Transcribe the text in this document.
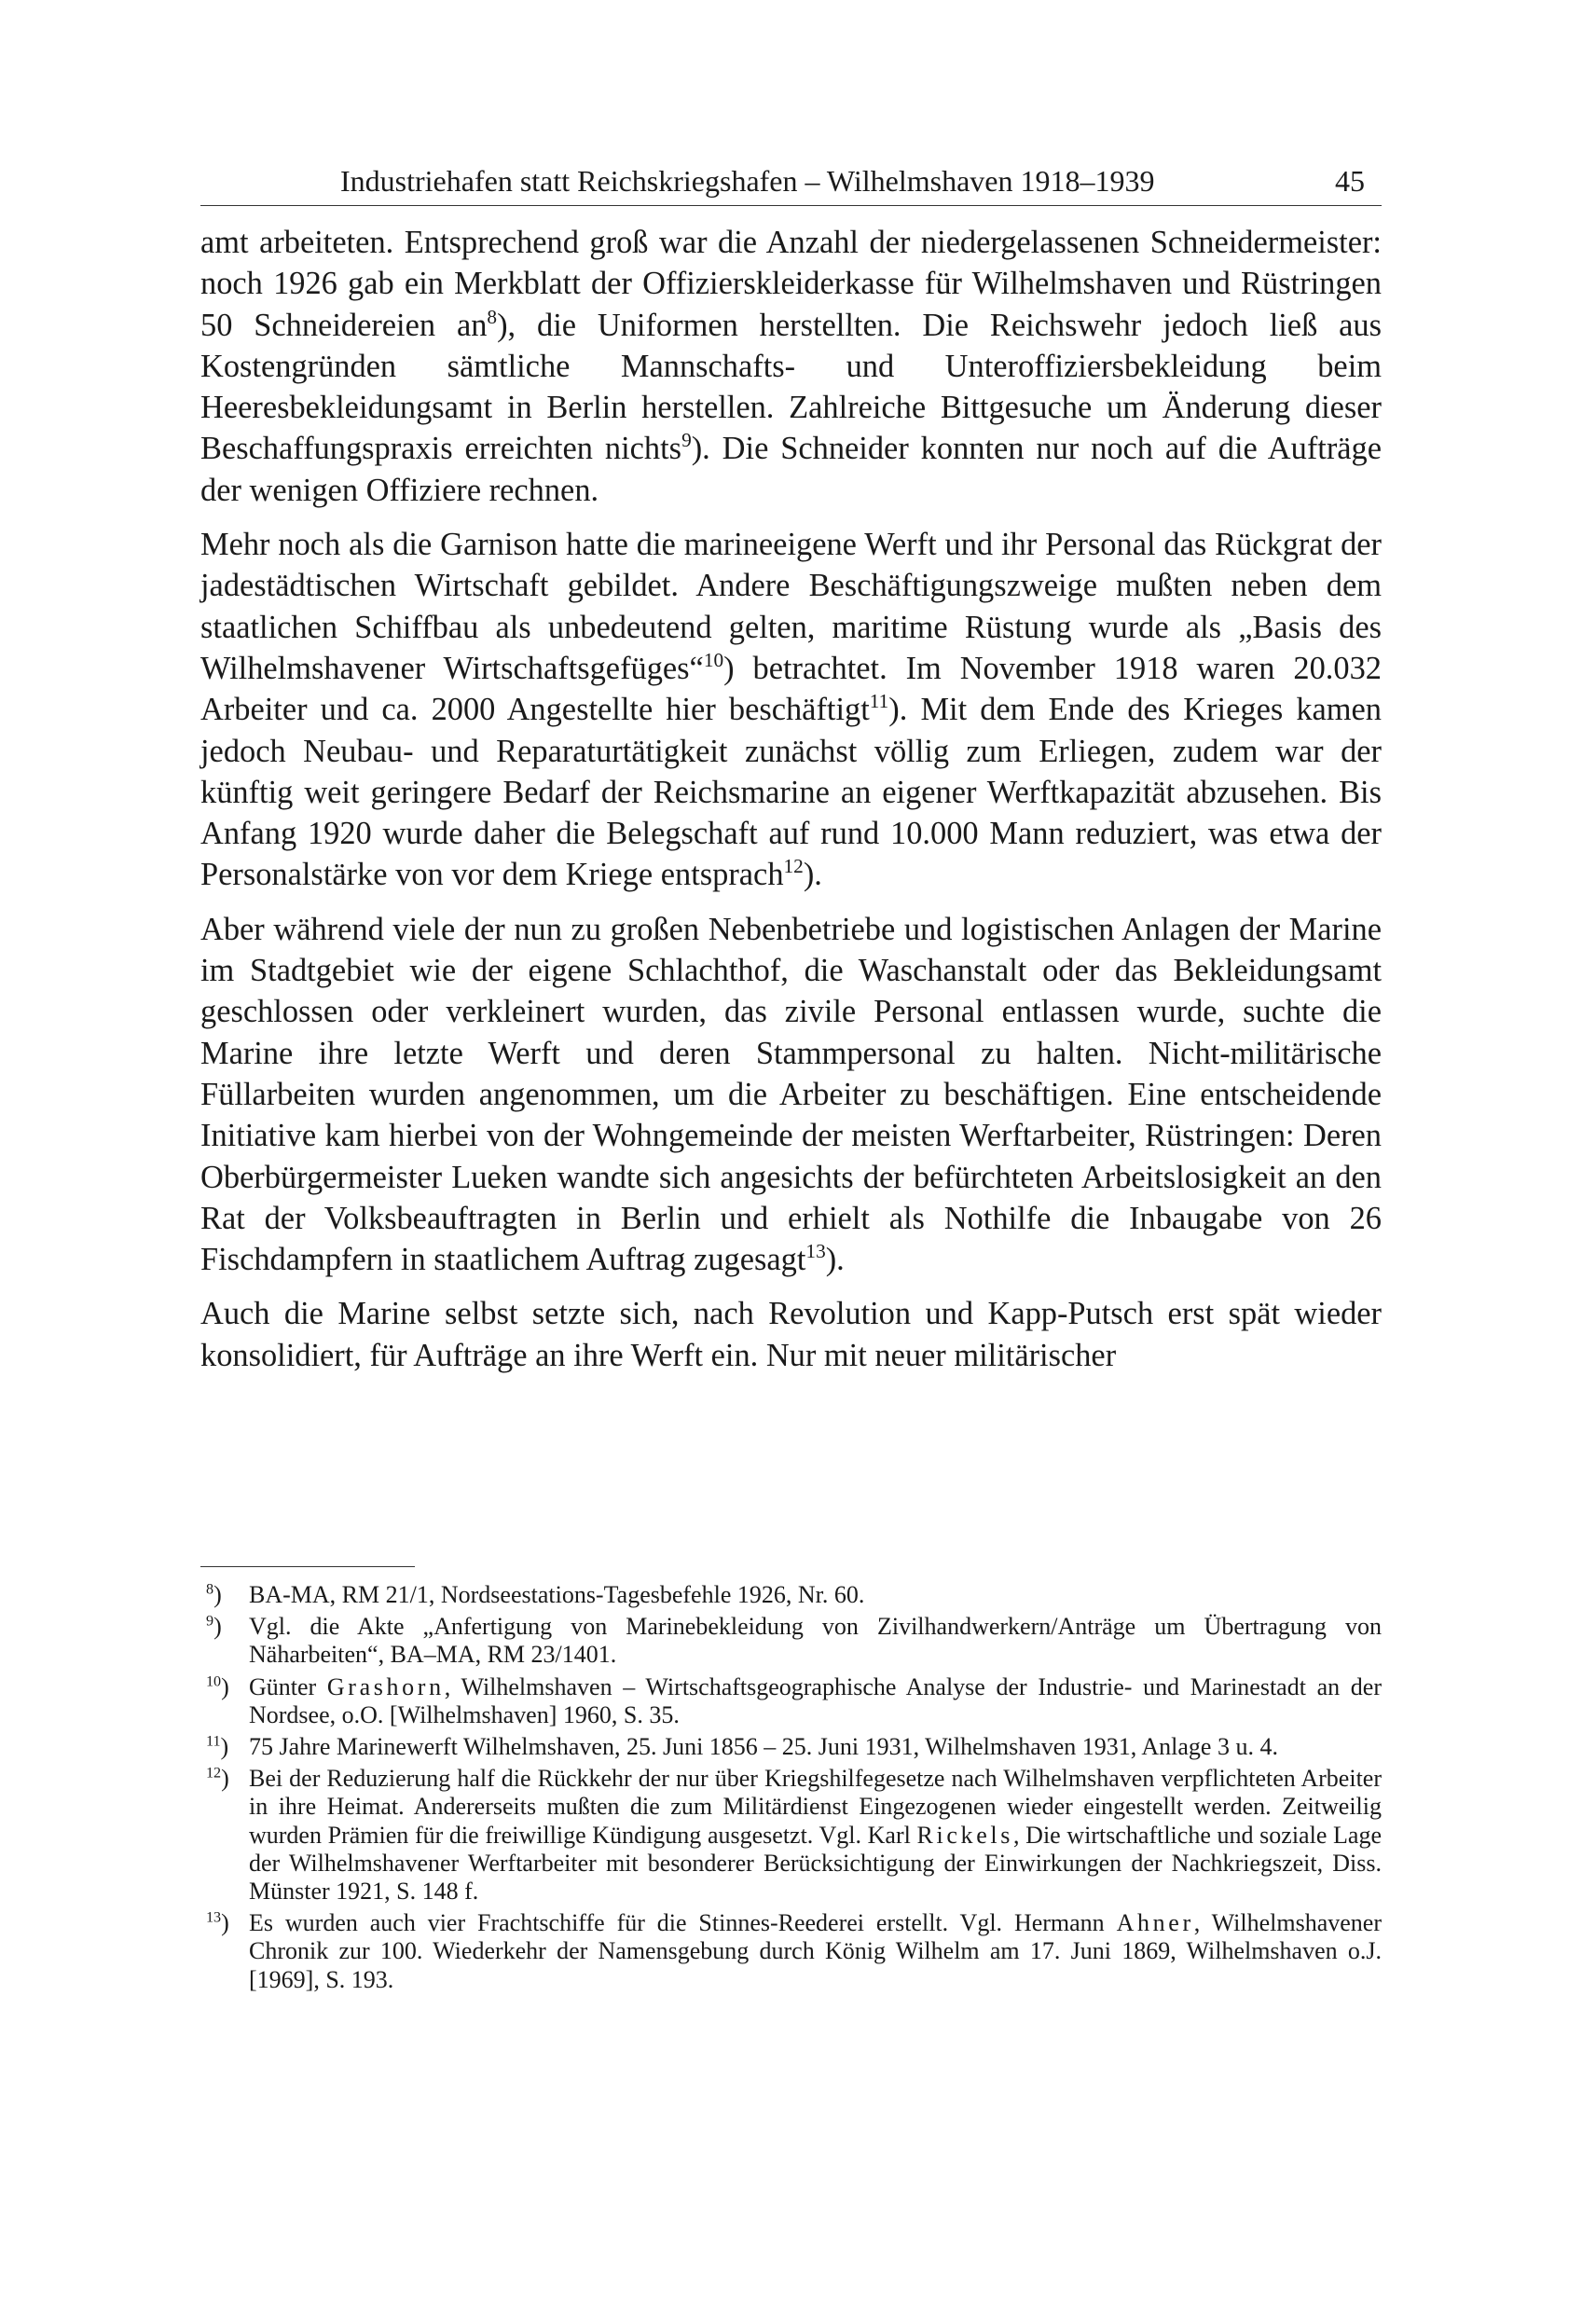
Industriehafen statt Reichskriegshafen – Wilhelmshaven 1918–1939	45

amt arbeiteten. Entsprechend groß war die Anzahl der niedergelassenen Schneidermeister: noch 1926 gab ein Merkblatt der Offizierskleiderkasse für Wilhelmshaven und Rüstringen 50 Schneidereien $an^8$), die Uniformen herstellten. Die Reichswehr jedoch ließ aus Kostengründen sämtliche Mannschafts- und Unteroffiziersbekleidung beim Heeresbekleidungsamt in Berlin herstellen. Zahlreiche Bittgesuche um Änderung dieser Beschaffungspraxis erreichten nichts$^9$). Die Schneider konnten nur noch auf die Aufträge der wenigen Offiziere rechnen.

Mehr noch als die Garnison hatte die marineeigene Werft und ihr Personal das Rückgrat der jadestädtischen Wirtschaft gebildet. Andere Beschäftigungszweige mußten neben dem staatlichen Schiffbau als unbedeutend gelten, maritime Rüstung wurde als „Basis des Wilhelmshavener Wirtschaftsgefüges“$^{10}$) betrachtet. Im November 1918 waren 20.032 Arbeiter und ca. 2000 Angestellte hier beschäftigt$^{11}$). Mit dem Ende des Krieges kamen jedoch Neubau- und Reparaturtätigkeit zunächst völlig zum Erliegen, zudem war der künftig weit geringere Bedarf der Reichsmarine an eigener Werftkapazität abzusehen. Bis Anfang 1920 wurde daher die Belegschaft auf rund 10.000 Mann reduziert, was etwa der Personalstärke von vor dem Kriege entsprach$^{12}$).

Aber während viele der nun zu großen Nebenbetriebe und logistischen Anlagen der Marine im Stadtgebiet wie der eigene Schlachthof, die Waschanstalt oder das Bekleidungsamt geschlossen oder verkleinert wurden, das zivile Personal entlassen wurde, suchte die Marine ihre letzte Werft und deren Stammpersonal zu halten. Nicht-militärische Füllarbeiten wurden angenommen, um die Arbeiter zu beschäftigen. Eine entscheidende Initiative kam hierbei von der Wohngemeinde der meisten Werftarbeiter, Rüstringen: Deren Oberbürgermeister Lueken wandte sich angesichts der befürchteten Arbeitslosigkeit an den Rat der Volksbeauftragten in Berlin und erhielt als Nothilfe die Inbaugabe von 26 Fischdampfern in staatlichem Auftrag zugesagt$^{13}$).

Auch die Marine selbst setzte sich, nach Revolution und Kapp-Putsch erst spät wieder konsolidiert, für Aufträge an ihre Werft ein. Nur mit neuer militärischer

$^8$) BA-MA, RM 21/1, Nordseestations-Tagesbefehle 1926, Nr. 60.
$^9$) Vgl. die Akte „Anfertigung von Marinebekleidung von Zivilhandwerkern/Anträge um Übertragung von Näharbeiten“, BA–MA, RM 23/1401.
$^{10}$) Günter Grashorn, Wilhelmshaven – Wirtschaftsgeographische Analyse der Industrie- und Marinestadt an der Nordsee, o.O. [Wilhelmshaven] 1960, S. 35.
$^{11}$) 75 Jahre Marinewerft Wilhelmshaven, 25. Juni 1856 – 25. Juni 1931, Wilhelmshaven 1931, Anlage 3 u. 4.
$^{12}$) Bei der Reduzierung half die Rückkehr der nur über Kriegshilfegesetze nach Wilhelmshaven verpflichteten Arbeiter in ihre Heimat. Andererseits mußten die zum Militärdienst Eingezogenen wieder eingestellt werden. Zeitweilig wurden Prämien für die freiwillige Kündigung ausgesetzt. Vgl. Karl Rickels, Die wirtschaftliche und soziale Lage der Wilhelmshavener Werftarbeiter mit besonderer Berücksichtigung der Einwirkungen der Nachkriegszeit, Diss. Münster 1921, S. 148 f.
$^{13}$) Es wurden auch vier Frachtschiffe für die Stinnes-Reederei erstellt. Vgl. Hermann Ahner, Wilhelmshavener Chronik zur 100. Wiederkehr der Namensgebung durch König Wilhelm am 17. Juni 1869, Wilhelmshaven o.J. [1969], S. 193.
